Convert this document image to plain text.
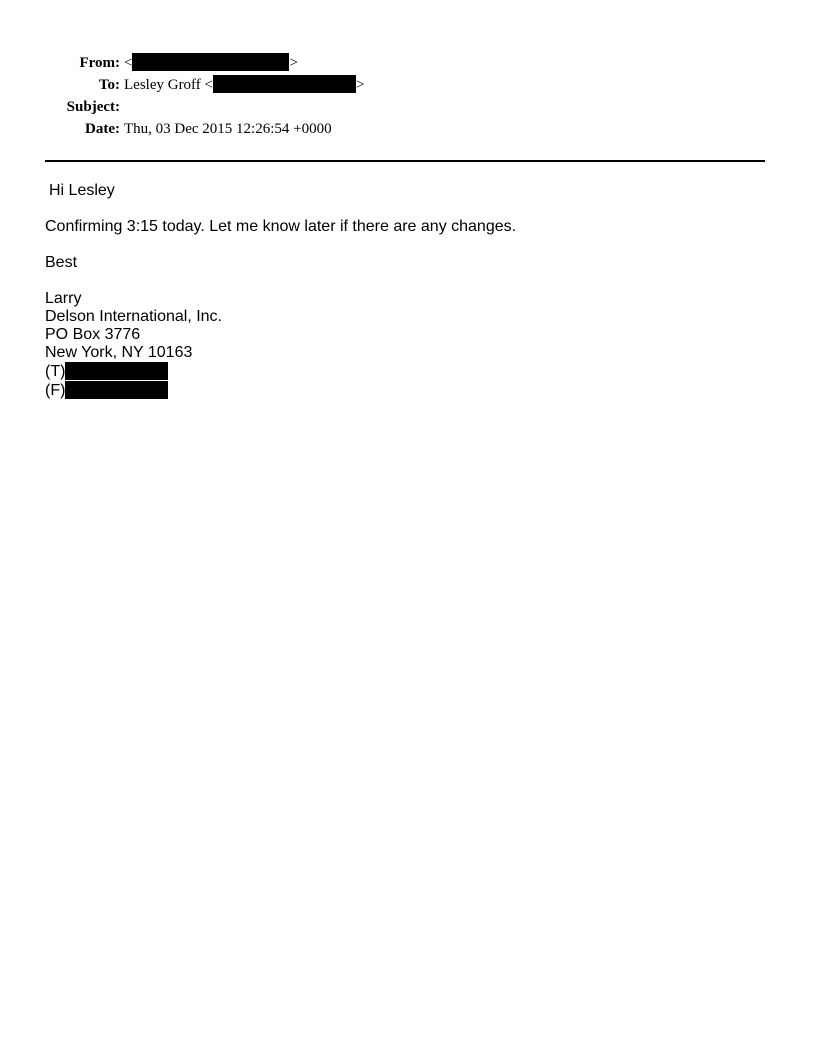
From: <	>
To: Lesley Groff <	>
Subject:
Date: Thu, 03 Dec 2015 12:26:54 +0000

Hi Lesley

Confirming 3:15 today. Let me know later if there are any changes.

Best

Larry
Delson International, Inc.
PO Box 3776
New York, NY 10163
(T)
(F)
